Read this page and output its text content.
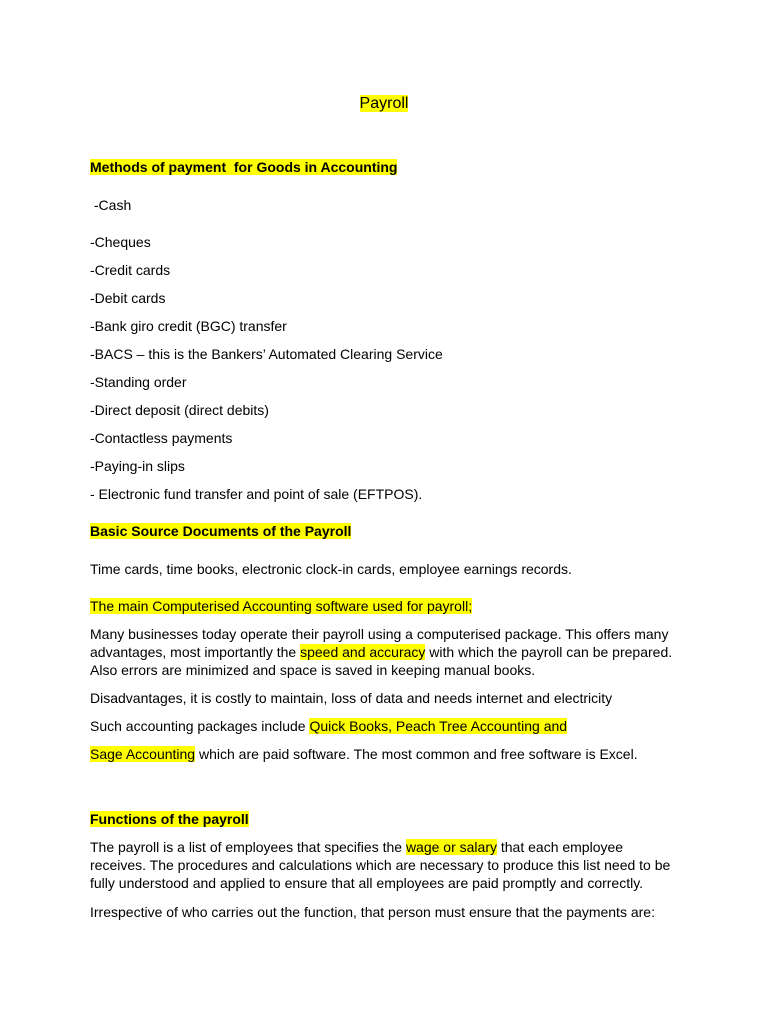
Payroll
Methods of payment  for Goods in Accounting
-Cash
-Cheques
-Credit cards
-Debit cards
-Bank giro credit (BGC) transfer
-BACS – this is the Bankers’ Automated Clearing Service
-Standing order
-Direct deposit (direct debits)
-Contactless payments
-Paying-in slips
- Electronic fund transfer and point of sale (EFTPOS).
Basic Source Documents of the Payroll
Time cards, time books, electronic clock-in cards, employee earnings records.
The main Computerised Accounting software used for payroll;
Many businesses today operate their payroll using a computerised package. This offers many advantages, most importantly the speed and accuracy with which the payroll can be prepared. Also errors are minimized and space is saved in keeping manual books.
Disadvantages, it is costly to maintain, loss of data and needs internet and electricity
Such accounting packages include Quick Books, Peach Tree Accounting and
Sage Accounting which are paid software. The most common and free software is Excel.
Functions of the payroll
The payroll is a list of employees that specifies the wage or salary that each employee receives. The procedures and calculations which are necessary to produce this list need to be fully understood and applied to ensure that all employees are paid promptly and correctly.
Irrespective of who carries out the function, that person must ensure that the payments are:
